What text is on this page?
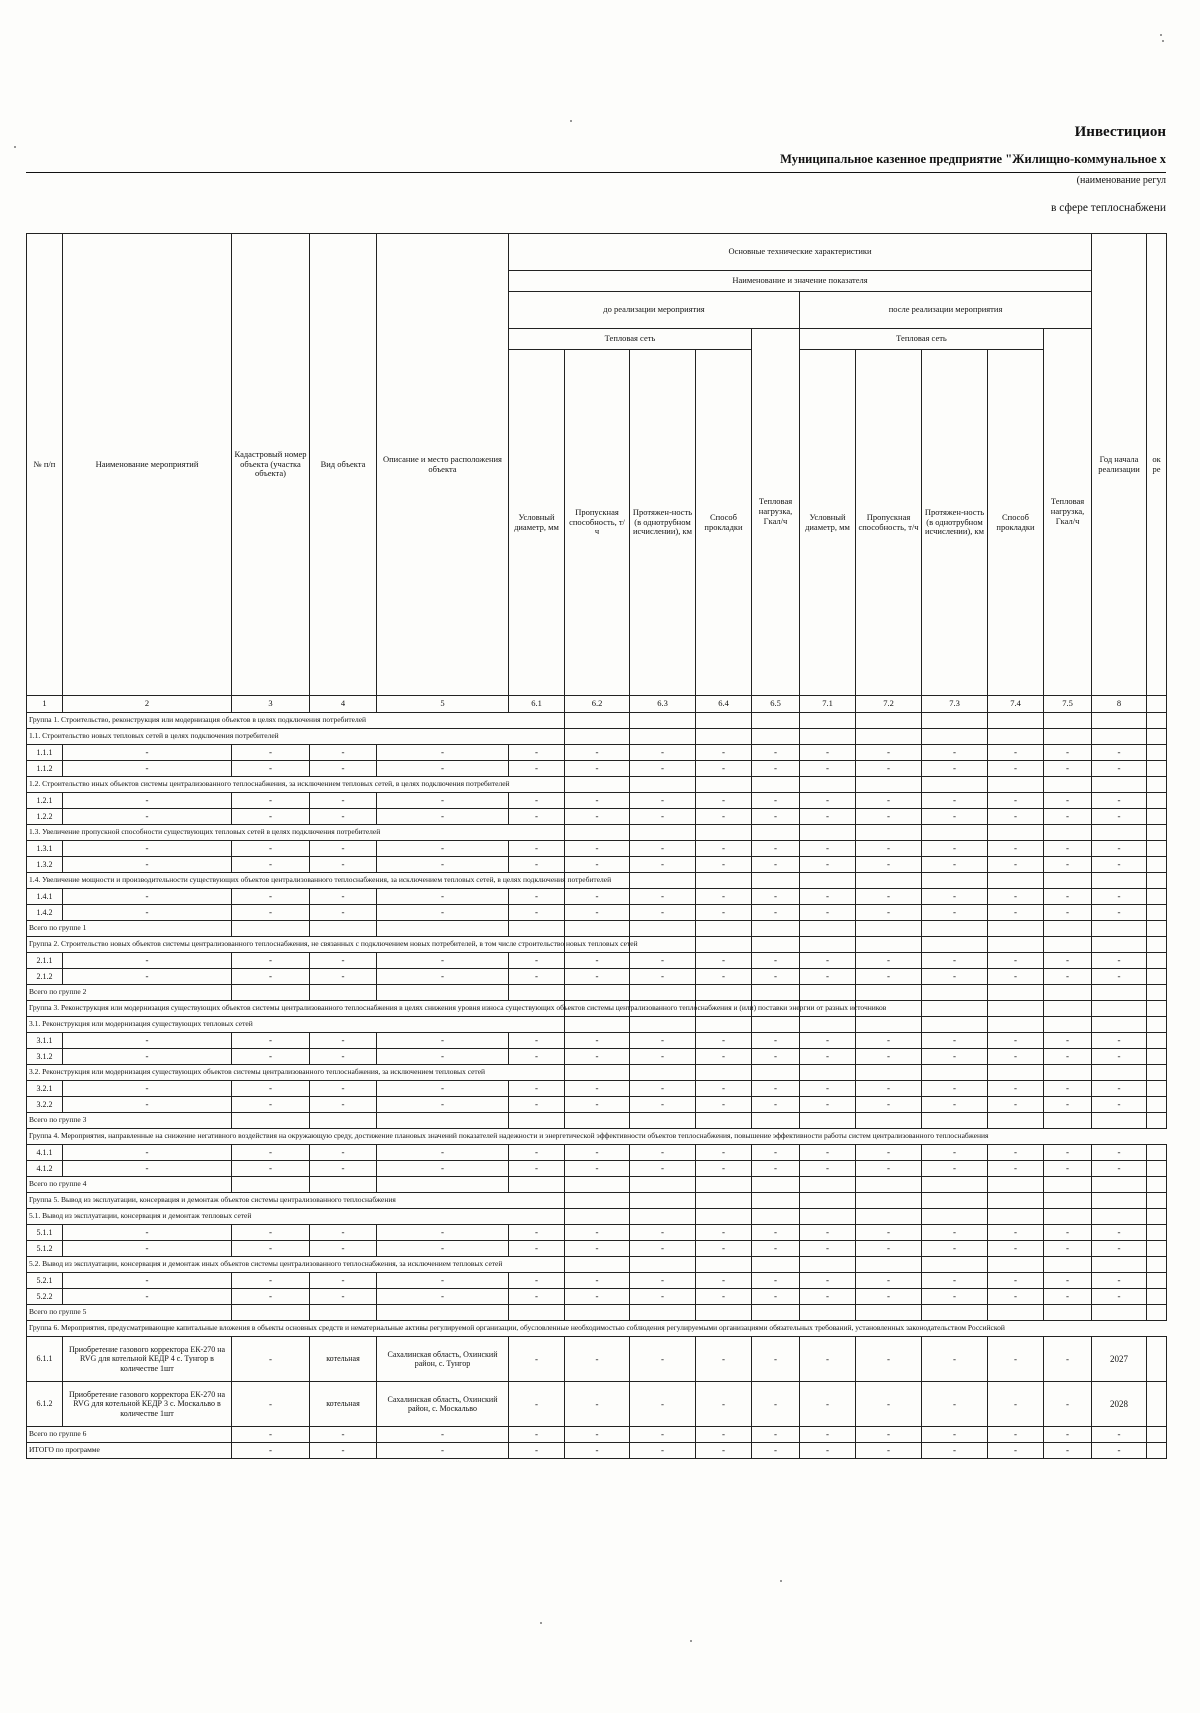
Инвестицион
Муниципальное казенное предприятие "Жилищно-коммунальное х
(наименование регул
в сфере теплоснабжени
№ п/п	Наименование мероприятий	Кадастровый номер объекта (участка объекта)	Вид объекта	Описание и место расположения объекта	Основные технические характеристики										Год начала реализации	ок ре
					Наименование и значение показателя											
					до реализации мероприятия					после реализации мероприятия						
					Тепловая сеть				Тепловая нагрузка, Гкал/ч	Тепловая сеть				Тепловая нагрузка, Гкал/ч		
					Условный диаметр, мм	Пропускная способность, т/ч	Протяжен-ность (в однотрубном исчислении), км	Способ прокладки		Условный диаметр, мм	Пропускная способность, т/ч	Протяжен-ность (в однотрубном исчислении), км	Способ прокладки			
1	2	3	4	5	6.1	6.2	6.3	6.4	6.5	7.1	7.2	7.3	7.4	7.5	8	
Группа 1. Строительство, реконструкция или модернизация объектов в целях подключения потребителей																
1.1. Строительство новых тепловых сетей в целях подключения потребителей																
1.1.1	-	-	-	-	-	-	-	-	-	-	-	-	-	-	-	
1.1.2	-	-	-	-	-	-	-	-	-	-	-	-	-	-	-	
1.2. Строительство иных объектов системы централизованного теплоснабжения, за исключением тепловых сетей, в целях подключения потребителей																
1.2.1	-	-	-	-	-	-	-	-	-	-	-	-	-	-	-	
1.2.2	-	-	-	-	-	-	-	-	-	-	-	-	-	-	-	
1.3. Увеличение пропускной способности существующих тепловых сетей в целях подключения потребителей																
1.3.1	-	-	-	-	-	-	-	-	-	-	-	-	-	-	-	
1.3.2	-	-	-	-	-	-	-	-	-	-	-	-	-	-	-	
1.4. Увеличение мощности и производительности существующих объектов централизованного теплоснабжения, за исключением тепловых сетей, в целях подключения потребителей																
1.4.1	-	-	-	-	-	-	-	-	-	-	-	-	-	-	-	
1.4.2	-	-	-	-	-	-	-	-	-	-	-	-	-	-	-	
Всего по группе 1																
Группа 2. Строительство новых объектов системы централизованного теплоснабжения, не связанных с подключением новых потребителей, в том числе строительство новых тепловых сетей																
2.1.1	-	-	-	-	-	-	-	-	-	-	-	-	-	-	-	
2.1.2	-	-	-	-	-	-	-	-	-	-	-	-	-	-	-	
Всего по группе 2																
Группа 3. Реконструкция или модернизация существующих объектов системы централизованного теплоснабжения в целях снижения уровня износа существующих объектов системы централизованного теплоснабжения и (или) поставки энергии от разных источников																
3.1. Реконструкция или модернизация существующих тепловых сетей																
3.1.1	-	-	-	-	-	-	-	-	-	-	-	-	-	-	-	
3.1.2	-	-	-	-	-	-	-	-	-	-	-	-	-	-	-	
3.2. Реконструкция или модернизация существующих объектов системы централизованного теплоснабжения, за исключением тепловых сетей																
3.2.1	-	-	-	-	-	-	-	-	-	-	-	-	-	-	-	
3.2.2	-	-	-	-	-	-	-	-	-	-	-	-	-	-	-	
Всего по группе 3																
Группа 4. Мероприятия, направленные на снижение негативного воздействия на окружающую среду, достижение плановых значений показателей надежности и энергетической эффективности объектов теплоснабжения, повышение эффективности работы систем централизованного теплоснабжения																
4.1.1	-	-	-	-	-	-	-	-	-	-	-	-	-	-	-	
4.1.2	-	-	-	-	-	-	-	-	-	-	-	-	-	-	-	
Всего по группе 4																
Группа 5. Вывод из эксплуатации, консервация и демонтаж объектов системы централизованного теплоснабжения																
5.1. Вывод из эксплуатации, консервация и демонтаж тепловых сетей																
5.1.1	-	-	-	-	-	-	-	-	-	-	-	-	-	-	-	
5.1.2	-	-	-	-	-	-	-	-	-	-	-	-	-	-	-	
5.2. Вывод из эксплуатации, консервация и демонтаж иных объектов системы централизованного теплоснабжения, за исключением тепловых сетей																
5.2.1	-	-	-	-	-	-	-	-	-	-	-	-	-	-	-	
5.2.2	-	-	-	-	-	-	-	-	-	-	-	-	-	-	-	
Всего по группе 5																
Группа 6. Мероприятия, предусматривающие капитальные вложения в объекты основных средств и нематериальные активы регулируемой организации, обусловленные необходимостью соблюдения регулируемыми организациями обязательных требований, установленных законодательством Российской																
6.1.1	Приобретение газового корректора ЕК-270 на RVG для котельной КЕДР 4 с. Тунгор в количестве 1шт	-	котельная	Сахалинская область, Охинский район, с. Тунгор	-	-	-	-	-	-	-	-	-	-	2027	
6.1.2	Приобретение газового корректора ЕК-270 на RVG для котельной КЕДР 3 с. Москальво в количестве 1шт	-	котельная	Сахалинская область, Охинский район, с. Москальво	-	-	-	-	-	-	-	-	-	-	2028	
Всего по группе 6		-	-	-	-	-	-	-	-	-	-	-	-	-	-	
ИТОГО по программе		-	-	-	-	-	-	-	-	-	-	-	-	-	-	
